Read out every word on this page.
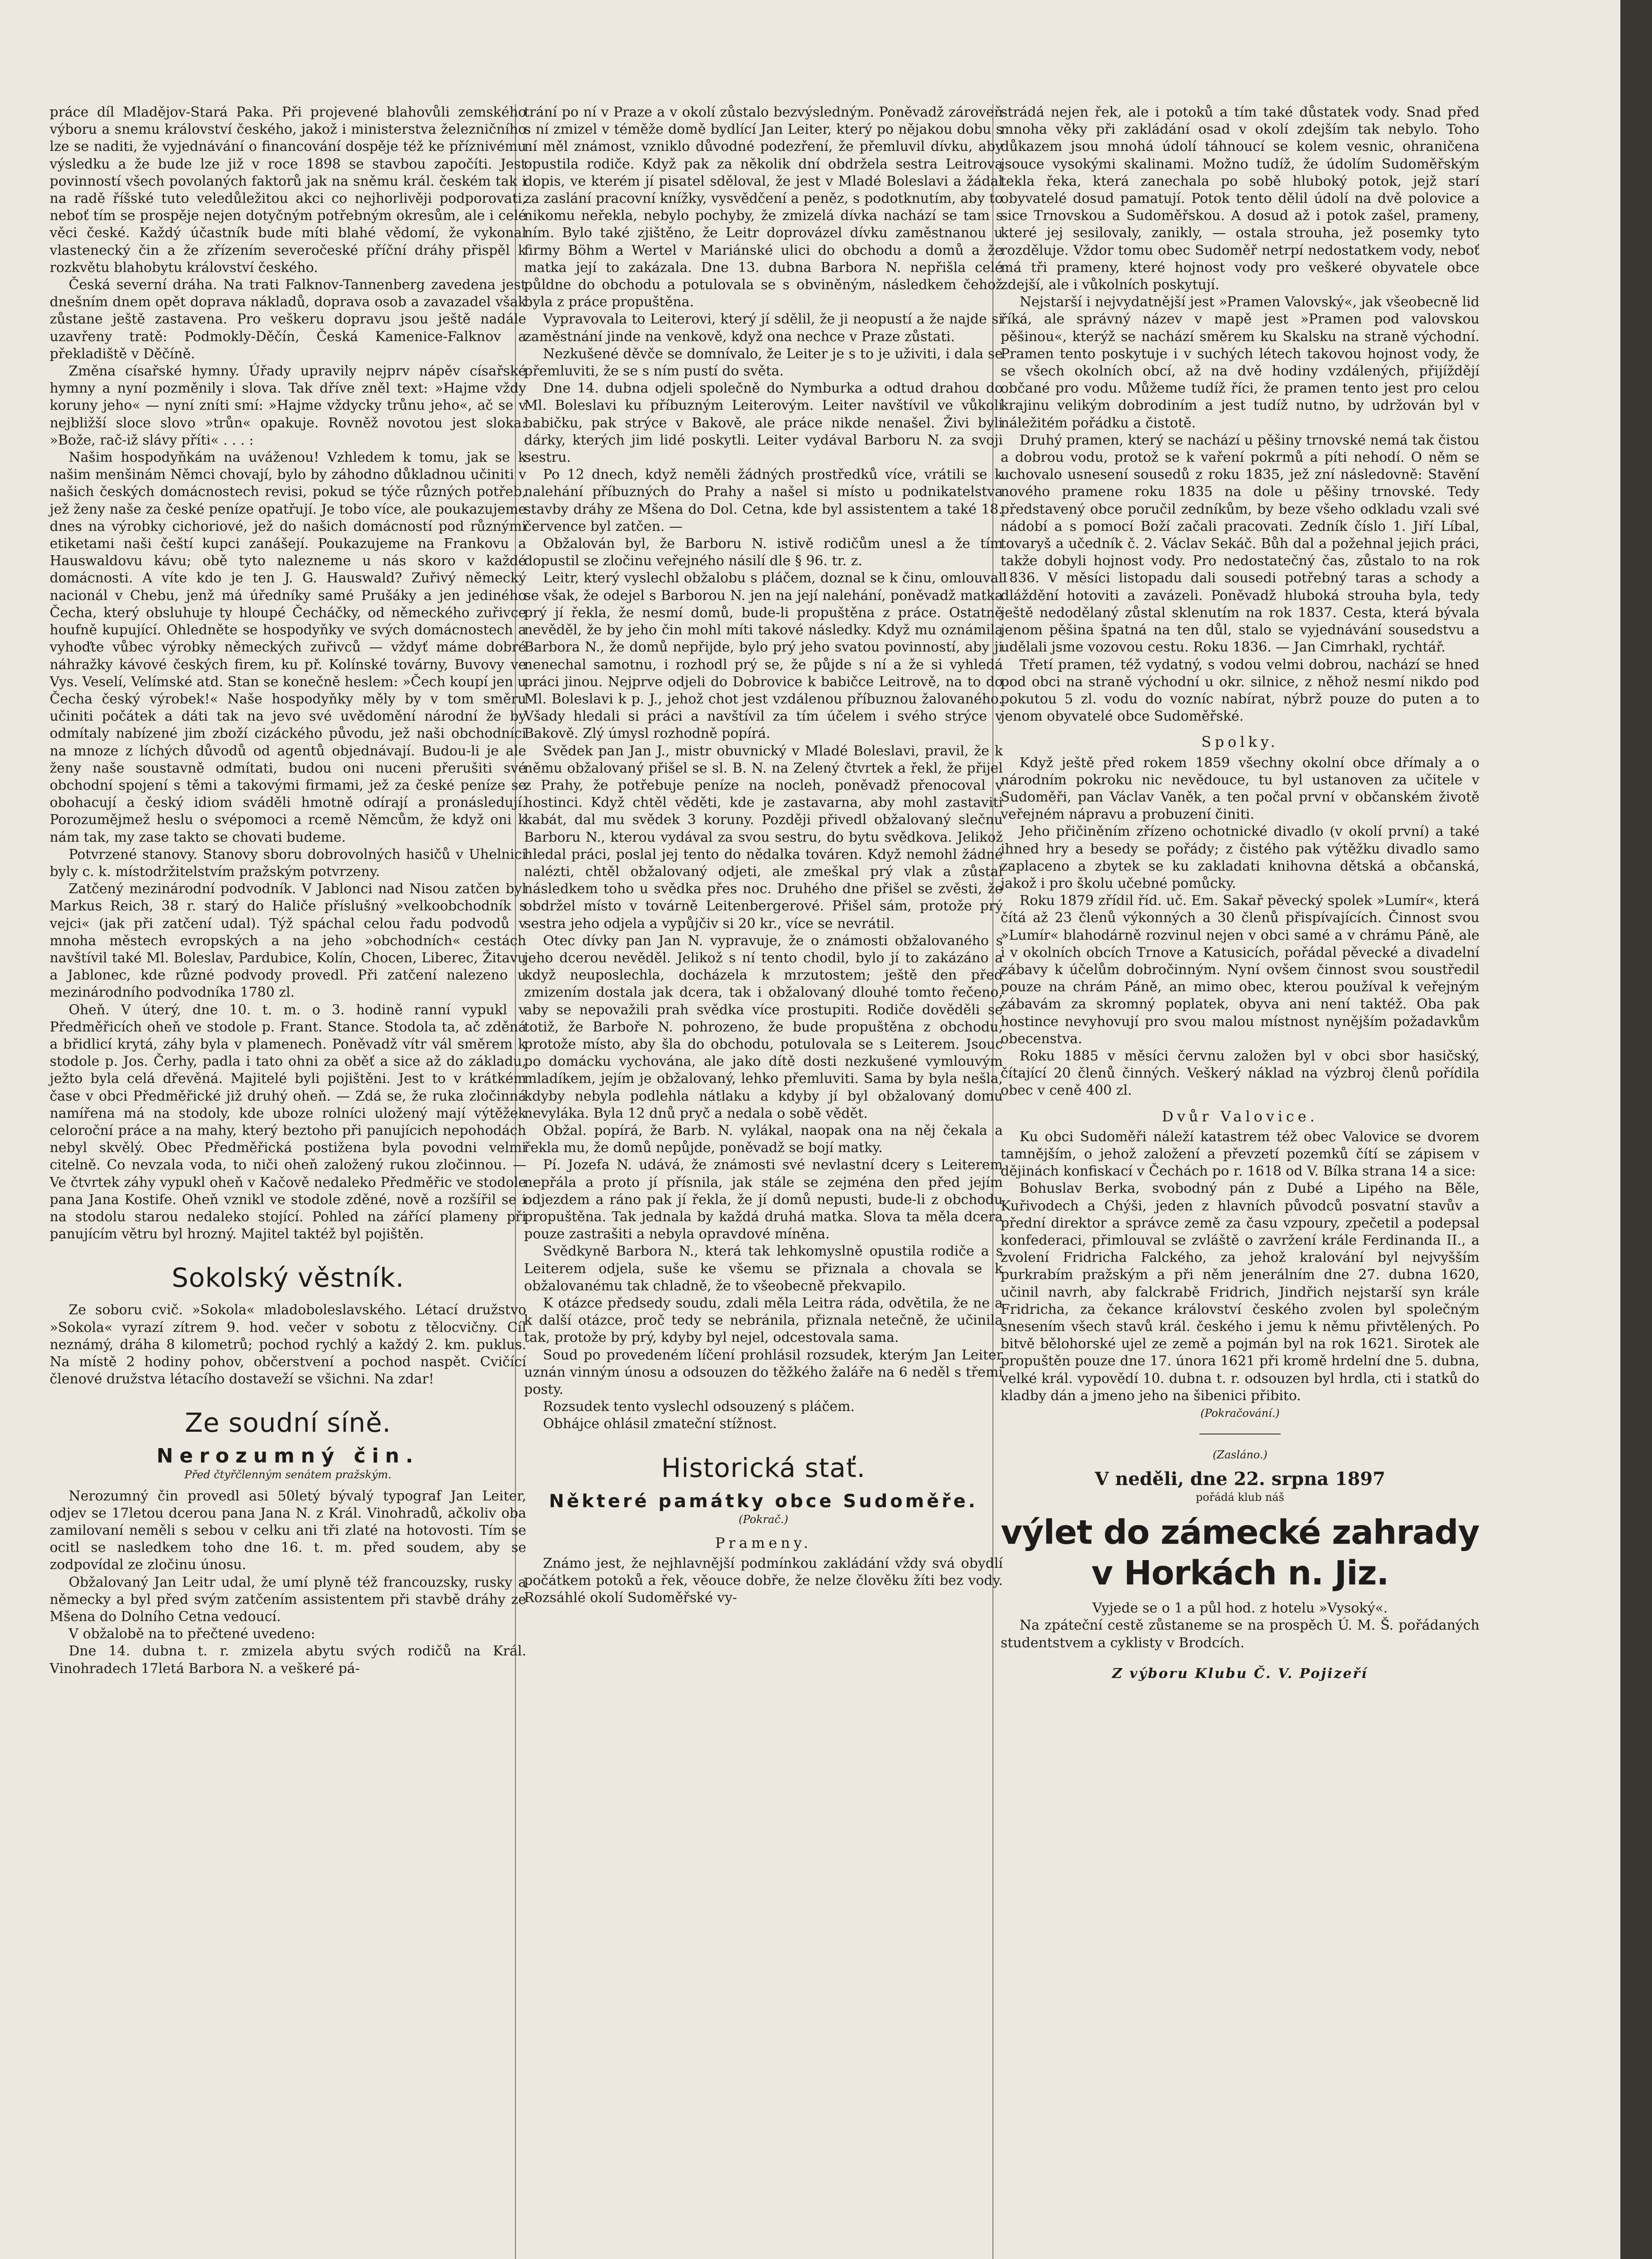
práce díl Mladějov-Stará Paka. Při projevené blahovůli zemského výboru a snemu království českého, jakož i ministerstva železničního lze se naditi, že vyjednávání o financování dospěje též ke příznivému výsledku a že bude lze již v roce 1898 se stavbou započíti. Jest povinností všech povolaných faktorů jak na sněmu král. českém tak i na radě říšské tuto veledůležitou akci co nejhorlivěji podporovati, neboť tím se prospěje nejen dotyčným potřebným okresům, ale i celé věci české. Každý účastník bude míti blahé vědomí, že vykonal vlastenecký čin a že zřízením severočeské příční dráhy přispěl k rozkvětu blahobytu království českého.

Česká severní dráha. Na trati Falknov-Tannenberg zavedena jest dnešním dnem opět doprava nákladů, doprava osob a zavazadel však zůstane ještě zastavena. Pro veškeru dopravu jsou ještě nadále uzavřeny tratě: Podmokly-Děčín, Česká Kamenice-Falknov a překladiště v Děčíně.

Změna císařské hymny. Úřady upravily nejprv nápěv císařské hymny a nyní pozměnily i slova. Tak dříve zněl text: »Hajme vždy koruny jeho« — nyní zníti smí: »Hajme vždycky trůnu jeho«, ač se v nejbližší sloce slovo »trůn« opakuje. Rovněž novotou jest sloka: »Bože, rač-iž slávy příti« . . . :

Našim hospodyňkám na uváženou! Vzhledem k tomu, jak se k našim menšinám Němci chovají, bylo by záhodno důkladnou učiniti v našich českých domácnostech revisi, pokud se týče různých potřeb, jež ženy naše za české peníze opatřují. Je tobo více, ale poukazujeme dnes na výrobky cichoriové, jež do našich domácností pod různými etiketami naši čeští kupci zanášejí. Poukazujeme na Frankovu a Hauswaldovu kávu; obě tyto nalezneme u nás skoro v každé domácnosti. A víte kdo je ten J. G. Hauswald? Zuřivý německý nacionál v Chebu, jenž má úředníky samé Prušáky a jen jediného Čecha, který obsluhuje ty hloupé Čecháčky, od německého zuřivce houfně kupující. Ohledněte se hospodyňky ve svých domácnostech a vyhoďte vůbec výrobky německých zuřivců — vždyť máme dobré náhražky kávové českých firem, ku př. Kolínské továrny, Buvovy ve Vys. Veselí, Velímské atd. Stan se konečně heslem: »Čech koupí jen u Čecha český výrobek!« Naše hospodyňky měly by v tom směru učiniti počátek a dáti tak na jevo své uvědomění národní že by odmítaly nabízené jim zboží cizáckého původu, jež naši obchodníci na mnoze z líchých důvodů od agentů objednávají. Budou-li je ale ženy naše soustavně odmítati, budou oni nuceni přerušiti své obchodní spojení s těmi a takovými firmami, jež za české peníze se obohacují a český idiom sváděli hmotně odírají a pronásledují. Porozumějmež heslu o svépomoci a rcemě Němcům, že když oni k nám tak, my zase takto se chovati budeme.

Potvrzené stanovy. Stanovy sboru dobrovolných hasičů v Uhelnici byly c. k. místodržitelstvím pražským potvrzeny.

Zatčený mezinárodní podvodník. V Jablonci nad Nisou zatčen byl Markus Reich, 38 r. starý do Haliče příslušný »velkoobchodník s vejci« (jak při zatčení udal). Týž spáchal celou řadu podvodů v mnoha městech evropských a na jeho »obchodních« cestách navštívil také Ml. Boleslav, Pardubice, Kolín, Chocen, Liberec, Žitavu a Jablonec, kde různé podvody provedl. Při zatčení nalezeno u mezinárodního podvodníka 1780 zl.

Oheň. V úterý, dne 10. t. m. o 3. hodině ranní vypukl v Předměřicích oheň ve stodole p. Frant. Stance. Stodola ta, ač zděná a břidlicí krytá, záhy byla v plamenech. Poněvadž vítr vál směrem k stodole p. Jos. Čerhy, padla i tato ohni za oběť a sice až do základu, ježto byla celá dřevěná. Majitelé byli pojištěni. Jest to v krátkém čase v obci Předměřické již druhý oheň. — Zdá se, že ruka zločinná namířena má na stodoly, kde uboze rolníci uložený mají výtěžek celoroční práce a na mahy, který beztoho při panujícich nepohodách nebyl skvělý. Obec Předměřická postižena byla povodni velmi citelně. Co nevzala voda, to niči oheň založený rukou zločinnou. — Ve čtvrtek záhy vypukl oheň v Kačově nedaleko Předměřic ve stodole pana Jana Kostife. Oheň vznikl ve stodole zděné, nově a rozšířil se i na stodolu starou nedaleko stojící. Pohled na zářící plameny při panujícím větru byl hrozný. Majitel taktéž byl pojištěn.

Sokolský věstník.

Ze soboru cvič. »Sokola« mladoboleslavského. Létací družstvo »Sokola« vyrazí zítrem 9. hod. večer v sobotu z tělocvičny. Cíl neznámý, dráha 8 kilometrů; pochod rychlý a každý 2. km. puklus. Na místě 2 hodiny pohov, občerstvení a pochod naspět. Cvičící členové družstva létacího dostaveží se všichni. Na zdar!

Ze soudní síně.
Nerozumný čin.
Před čtyřčlenným senátem pražským.

Nerozumný čin provedl asi 50letý bývalý typograf Jan Leiter, odjev se 17letou dcerou pana Jana N. z Král. Vinohradů, ačkoliv oba zamilovaní neměli s sebou v celku ani tři zlaté na hotovosti. Tím se ocitl se nasledkem toho dne 16. t. m. před soudem, aby se zodpovídal ze zločinu únosu.

Obžalovaný Jan Leitr udal, že umí plyně též francouzsky, rusky a německy a byl před svým zatčením assistentem při stavbě dráhy ze Mšena do Dolního Cetna vedoucí.

V obžalobě na to přečtené uvedeno:

Dne 14. dubna t. r. zmizela abytu svých rodičů na Král. Vinohradech 17letá Barbora N. a veškeré pá-

trání po ní v Praze a v okolí zůstalo bezvýsledným. Poněvadž zároveň s ní zmizel v téměže domě bydlící Jan Leiter, který po nějakou dobu s ní měl známost, vzniklo důvodné podezření, že přemluvil dívku, aby opustila rodiče. Když pak za několik dní obdržela sestra Leitrova dopis, ve kterém jí pisatel sděloval, že jest v Mladé Boleslavi a žádal za zaslání pracovní knížky, vysvědčení a peněz, s podotknutím, aby to nikomu neřekla, nebylo pochyby, že zmizelá dívka nachází se tam s ním. Bylo také zjištěno, že Leitr doprovázel dívku zaměstnanou u firmy Böhm a Wertel v Mariánské ulici do obchodu a domů a že matka její to zakázala. Dne 13. dubna Barbora N. nepřišla celé půldne do obchodu a potulovala se s obviněným, následkem čehož byla z práce propuštěna.

Vypravovala to Leiterovi, který jí sdělil, že ji neopustí a že najde si zaměstnání jinde na venkově, když ona nechce v Praze zůstati.

Nezkušené děvče se domnívalo, že Leiter je s to je uživiti, i dala se přemluviti, že se s ním pustí do světa.

Dne 14. dubna odjeli společně do Nymburka a odtud drahou do Ml. Boleslavi ku příbuzným Leiterovým. Leiter navštívil ve vůkolí babičku, pak strýce v Bakově, ale práce nikde nenašel. Živi byli dárky, kterých jim lidé poskytli. Leiter vydával Barboru N. za svoji sestru.

Po 12 dnech, když neměli žádných prostředků více, vrátili se k nalehání příbuzných do Prahy a našel si místo u podnikatelstva stavby dráhy ze Mšena do Dol. Cetna, kde byl assistentem a také 18. července byl zatčen. —

Obžalován byl, že Barboru N. istivě rodičům unesl a že tím dopustil se zločinu veřejného násilí dle § 96. tr. z.

Leitr, který vyslechl obžalobu s pláčem, doznal se k činu, omlouval se však, že odejel s Barborou N. jen na její nalehání, poněvadž matka prý jí řekla, že nesmí domů, bude-li propuštěna z práce. Ostatně nevěděl, že by jeho čin mohl míti takové následky. Když mu oznámila Barbora N., že domů nepřijde, bylo prý jeho svatou povinností, aby ji nenechal samotnu, i rozhodl prý se, že půjde s ní a že si vyhledá práci jinou. Nejprve odjeli do Dobrovice k babičce Leitrově, na to do Ml. Boleslavi k p. J., jehož chot jest vzdálenou příbuznou žalovaného. Všady hledali si práci a navštívil za tím účelem i svého strýce v Bakově. Zlý úmysl rozhodně popírá.

Svědek pan Jan J., mistr obuvnický v Mladé Boleslavi, pravil, že k němu obžalovaný přišel se sl. B. N. na Zelený čtvrtek a řekl, že přijel z Prahy, že potřebuje peníze na nocleh, poněvadž přenocoval v hostinci. Když chtěl věděti, kde je zastavarna, aby mohl zastaviti kabát, dal mu svědek 3 koruny. Později přivedl obžalovaný slečnu Barboru N., kterou vydával za svou sestru, do bytu svědkova. Jelikož hledal práci, poslal jej tento do nědalka továren. Když nemohl žádné nalézti, chtěl obžalovaný odjeti, ale zmeškal prý vlak a zůstal následkem toho u svědka přes noc. Druhého dne přišel se zvěsti, že obdržel místo v továrně Leitenbergerové. Přišel sám, protože prý sestra jeho odjela a vypůjčiv si 20 kr., více se nevrátil.

Otec dívky pan Jan N. vypravuje, že o známosti obžalovaného s jeho dcerou nevěděl. Jelikož s ní tento chodil, bylo jí to zakázáno a když neuposlechla, docházela k mrzutostem; ještě den před zmizením dostala jak dcera, tak i obžalovaný dlouhé tomto řečeno, aby se nepovažili prah svědka více prostupiti. Rodiče dověděli se totiž, že Barboře N. pohrozeno, že bude propuštěna z obchodu, protože místo, aby šla do obchodu, potulovala se s Leiterem. Jsouc po domácku vychována, ale jako dítě dosti nezkušené vymlouvým mladíkem, jejím je obžalovaný, lehko přemluviti. Sama by byla nešla, kdyby nebyla podlehla nátlaku a kdyby jí byl obžalovaný domu nevyláka. Byla 12 dnů pryč a nedala o sobě vědět.

Obžal. popírá, že Barb. N. vylákal, naopak ona na něj čekala a řekla mu, že domů nepůjde, poněvadž se bojí matky.

Pí. Jozefa N. udává, že známosti své nevlastní dcery s Leiterem nepřála a proto jí přísnila, jak stále se zejména den před jejím odjezdem a ráno pak jí řekla, že jí domů nepusti, bude-li z obchodu propuštěna. Tak jednala by každá druhá matka. Slova ta měla dcera pouze zastrašiti a nebyla opravdové míněna.

Svědkyně Barbora N., která tak lehkomyslně opustila rodiče a s Leiterem odjela, suše ke všemu se přiznala a chovala se k obžalovanému tak chladně, že to všeobecně překvapilo.

K otázce předsedy soudu, zdali měla Leitra ráda, odvětila, že ne a k další otázce, proč tedy se nebránila, přiznala netečně, že učinila tak, protože by prý, kdyby byl nejel, odcestovala sama.

Soud po provedeném líčení prohlásil rozsudek, kterým Jan Leiter uznán vinným únosu a odsouzen do těžkého žaláře na 6 neděl s třemi posty.

Rozsudek tento vyslechl odsouzený s pláčem.

Obhájce ohlásil zmateční stížnost.

Historická stať.
Některé památky obce Sudoměře.
(Pokrač.)
Prameny.

Známo jest, že nejhlavnější podmínkou zakládání vždy svá obydlí počátkem potoků a řek, věouce dobře, že nelze člověku žíti bez vody. Rozsáhlé okolí Sudoměřské vy-

strádá nejen řek, ale i potoků a tím také důstatek vody. Snad před mnoha věky při zakládání osad v okolí zdejším tak nebylo. Toho důkazem jsou mnohá údolí táhnoucí se kolem vesnic, ohraničena jsouce vysokými skalinami. Možno tudíž, že údolím Sudoměřským tekla řeka, která zanechala po sobě hluboký potok, jejž starí obyvatelé dosud pamatují. Potok tento dělil údolí na dvě polovice a sice Trnovskou a Sudoměřskou. A dosud až i potok zašel, prameny, které jej sesilovaly, zanikly, — ostala strouha, jež posemky tyto rozděluje. Vždor tomu obec Sudoměř netrpí nedostatkem vody, neboť má tři prameny, které hojnost vody pro veškeré obyvatele obce zdejší, ale i vůkolních poskytují.

Nejstarší i nejvydatnější jest »Pramen Valovský«, jak všeobecně lid říká, ale správný název v mapě jest »Pramen pod valovskou pěšinou«, kterýž se nachází směrem ku Skalsku na straně východní. Pramen tento poskytuje i v suchých létech takovou hojnost vody, že se všech okolních obcí, až na dvě hodiny vzdálených, přijíždějí občané pro vodu. Můžeme tudíž říci, že pramen tento jest pro celou krajinu velikým dobrodiním a jest tudíž nutno, by udržován byl v náležitém pořádku a čistotě.

Druhý pramen, který se nachází u pěšiny trnovské nemá tak čistou a dobrou vodu, protož se k vaření pokrmů a píti nehodí. O něm se uchovalo usnesení sousedů z roku 1835, jež zní následovně: Stavění nového pramene roku 1835 na dole u pěšiny trnovské. Tedy představený obce poručil zedníkům, by beze všeho odkladu vzali své nádobí a s pomocí Boží začali pracovati. Zedník číslo 1. Jiří Líbal, tovaryš a učedník č. 2. Václav Sekáč. Bůh dal a požehnal jejich práci, takže dobyli hojnost vody. Pro nedostatečný čas, zůstalo to na rok 1836. V měsíci listopadu dali sousedi potřebný taras a schody a dláždění hotoviti a zavázeli. Poněvadž hluboká strouha byla, tedy ještě nedodělaný zůstal sklenutím na rok 1837. Cesta, která bývala jenom pěšina špatná na ten důl, stalo se vyjednávání sousedstvu a udělali jsme vozovou cestu. Roku 1836. — Jan Cimrhakl, rychtář.

Třetí pramen, též vydatný, s vodou velmi dobrou, nachází se hned pod obci na straně východní u okr. silnice, z něhož nesmí nikdo pod pokutou 5 zl. vodu do vozníc nabírat, nýbrž pouze do puten a to jenom obyvatelé obce Sudoměřské.

Spolky.

Když ještě před rokem 1859 všechny okolní obce dřímaly a o národním pokroku nic nevědouce, tu byl ustanoven za učitele v Sudoměři, pan Václav Vaněk, a ten počal první v občanském životě veřejném nápravu a probuzení činiti.

Jeho přičiněním zřízeno ochotnické divadlo (v okolí první) a také ihned hry a besedy se pořády; z čistého pak výtěžku divadlo samo zaplaceno a zbytek se ku zakladati knihovna dětská a občanská, jakož i pro školu učebné pomůcky.

Roku 1879 zřídil říd. uč. Em. Sakař pěvecký spolek »Lumír«, která čítá až 23 členů výkonných a 30 členů přispívajících. Činnost svou »Lumír« blahodárně rozvinul nejen v obci samé a v chrámu Páně, ale i v okolních obcích Trnove a Katusicích, pořádal pěvecké a divadelní zábavy k účelům dobročinným. Nyní ovšem činnost svou soustředil pouze na chrám Páně, an mimo obec, kterou používal k veřejným zábavám za skromný poplatek, obyva ani není taktéž. Oba pak hostince nevyhovují pro svou malou místnost nynějším požadavkům obecenstva.

Roku 1885 v měsíci červnu založen byl v obci sbor hasičský, čítající 20 členů činných. Veškerý náklad na výzbroj členů pořídila obec v ceně 400 zl.

Dvůr Valovice.

Ku obci Sudoměři náleží katastrem též obec Valovice se dvorem tamnějším, o jehož založení a převzetí pozemků čítí se zápisem v dějinách konfiskací v Čechách po r. 1618 od V. Bílka strana 14 a sice:

Bohuslav Berka, svobodný pán z Dubé a Lipého na Běle, Kuřivodech a Chýši, jeden z hlavních původců posvatní stavův a přední direktor a správce země za času vzpoury, zpečetil a podepsal konfederaci, přimlouval se zvláště o zavržení krále Ferdinanda II., a zvolení Fridricha Falckého, za jehož kralování byl nejvyšším purkrabím pražským a při něm jenerálním dne 27. dubna 1620, učinil navrh, aby falckrabě Fridrich, Jindřich nejstarší syn krále Fridricha, za čekance království českého zvolen byl společným snesením všech stavů král. českého i jemu k němu přivtělených. Po bitvě bělohorské ujel ze země a pojmán byl na rok 1621. Sirotek ale propuštěn pouze dne 17. února 1621 při kromě hrdelní dne 5. dubna, velké král. vypovědí 10. dubna t. r. odsouzen byl hrdla, cti i statků do kladby dán a jmeno jeho na šibenici přibito.

(Pokračování.)
(Zasláno.)
V neděli, dne 22. srpna 1897
pořádá klub náš
výlet do zámecké zahrady v Horkách n. Jiz.

Vyjede se o 1 a půl hod. z hotelu »Vysoký«.

Na zpáteční cestě zůstaneme se na prospěch Ú. M. Š. pořádaných studentstvem a cyklisty v Brodcích.

Z výboru Klubu Č. V. Pojizeří
